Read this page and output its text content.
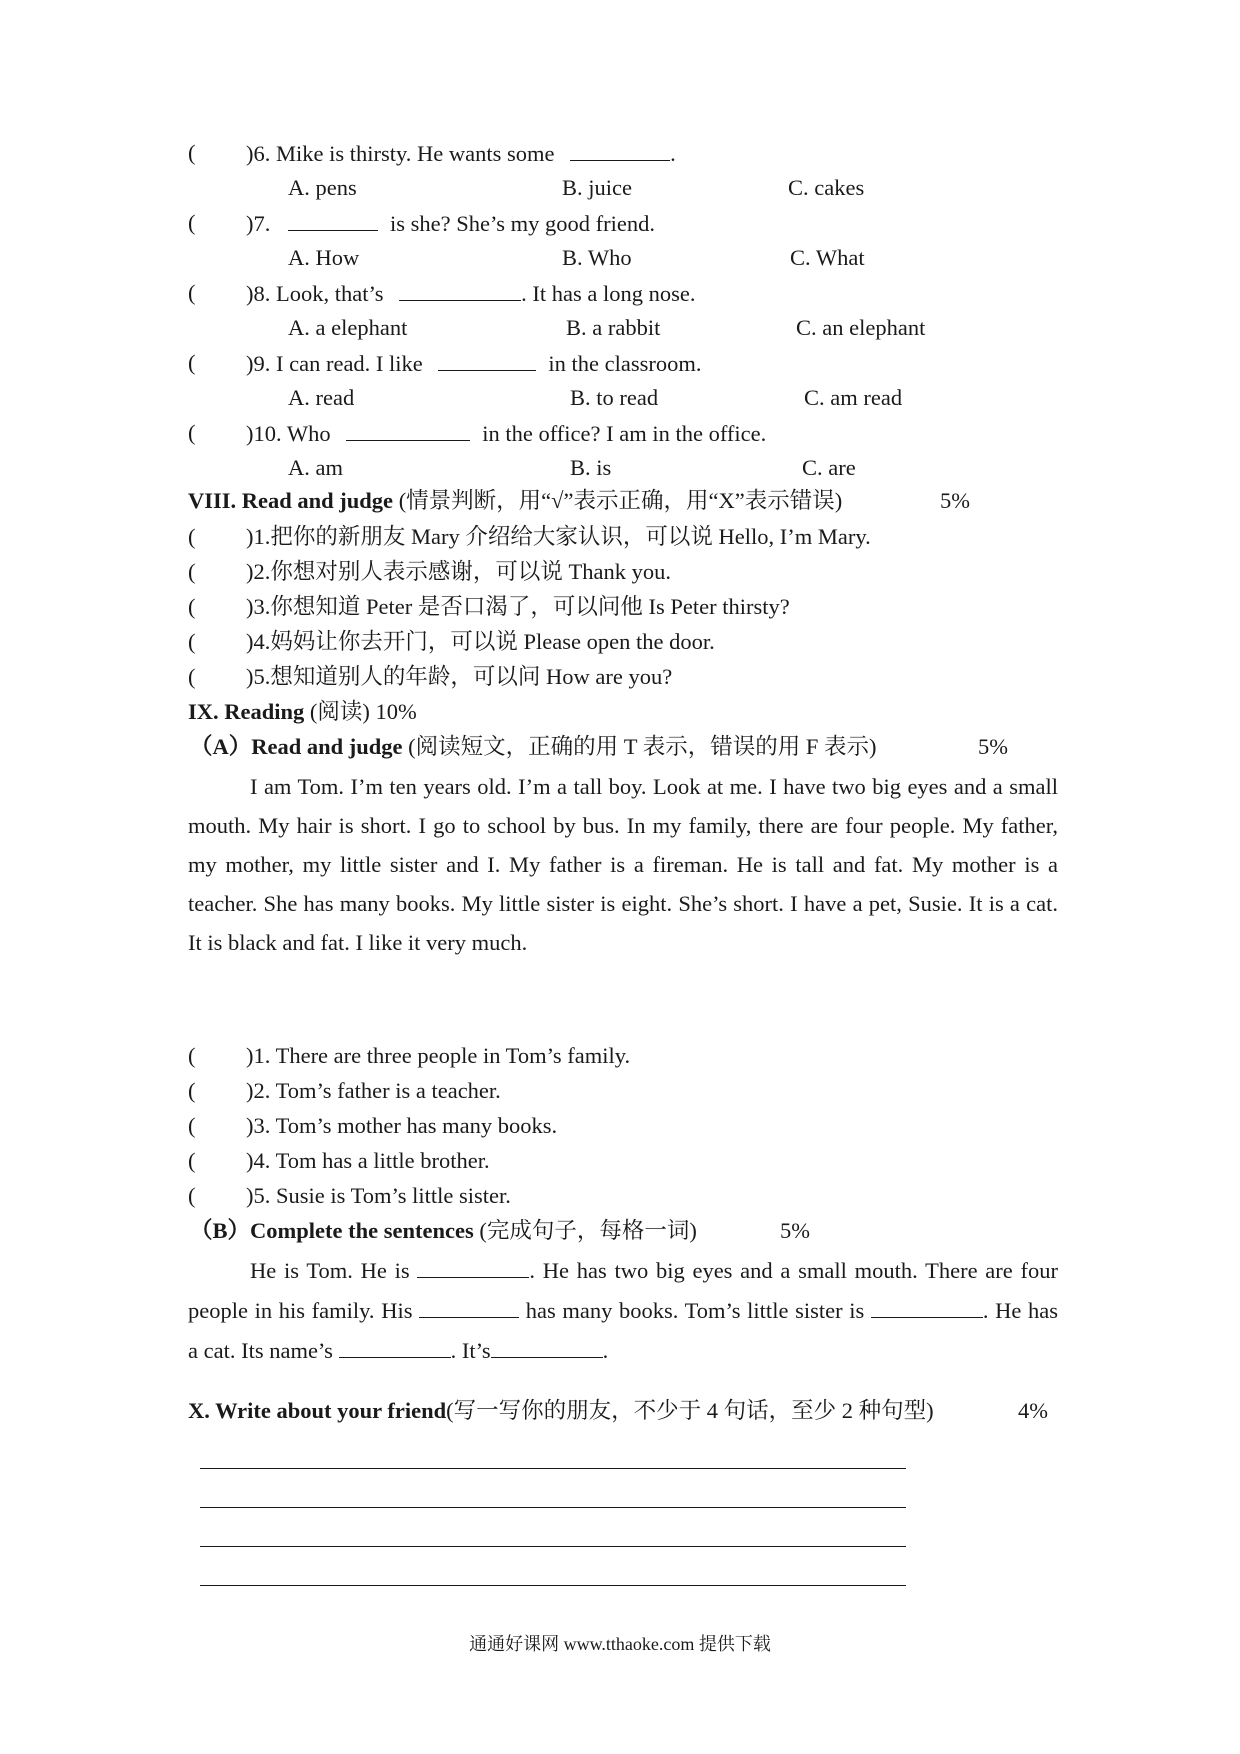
( )6. Mike is thirsty. He wants some	.
A. pens	B. juice	C. cakes
( )7.	is she? She’s my good friend.
A. How	B. Who	C. What
( )8. Look, that’s	. It has a long nose.
A. a elephant	B. a rabbit	C. an elephant
( )9. I can read. I like	in the classroom.
A. read	B. to read	C. am read
( )10. Who	in the office? I am in the office.
A. am	B. is	C. are
VIII. Read and judge (情景判断，用“√”表示正确，用“X”表示错误)	5%
( )1.把你的新朋友 Mary 介绍给大家认识，可以说 Hello, I’m Mary.
( )2.你想对别人表示感谢，可以说 Thank you.
( )3.你想知道 Peter 是否口渴了，可以问他 Is Peter thirsty?
( )4.妈妈让你去开门，可以说 Please open the door.
( )5.想知道别人的年龄，可以问 How are you?
IX. Reading (阅读) 10%
（A）Read and judge (阅读短文，正确的用 T 表示，错误的用 F 表示)	5%
I am Tom. I’m ten years old. I’m a tall boy. Look at me. I have two big eyes and a small mouth. My hair is short. I go to school by bus. In my family, there are four people. My father, my mother, my little sister and I. My father is a fireman. He is tall and fat. My mother is a teacher. She has many books. My little sister is eight. She’s short. I have a pet, Susie. It is a cat. It is black and fat. I like it very much.
( )1. There are three people in Tom’s family.
( )2. Tom’s father is a teacher.
( )3. Tom’s mother has many books.
( )4. Tom has a little brother.
( )5. Susie is Tom’s little sister.
（B）Complete the sentences (完成句子，每格一词)	5%
He is Tom. He is	. He has two big eyes and a small mouth. There are four people in his family. His	has many books. Tom’s little sister is	. He has a cat. Its name’s	. It’s	.
X. Write about your friend(写一写你的朋友，不少于 4 句话，至少 2 种句型)	4%
通通好课网 www.tthaoke.com 提供下载
